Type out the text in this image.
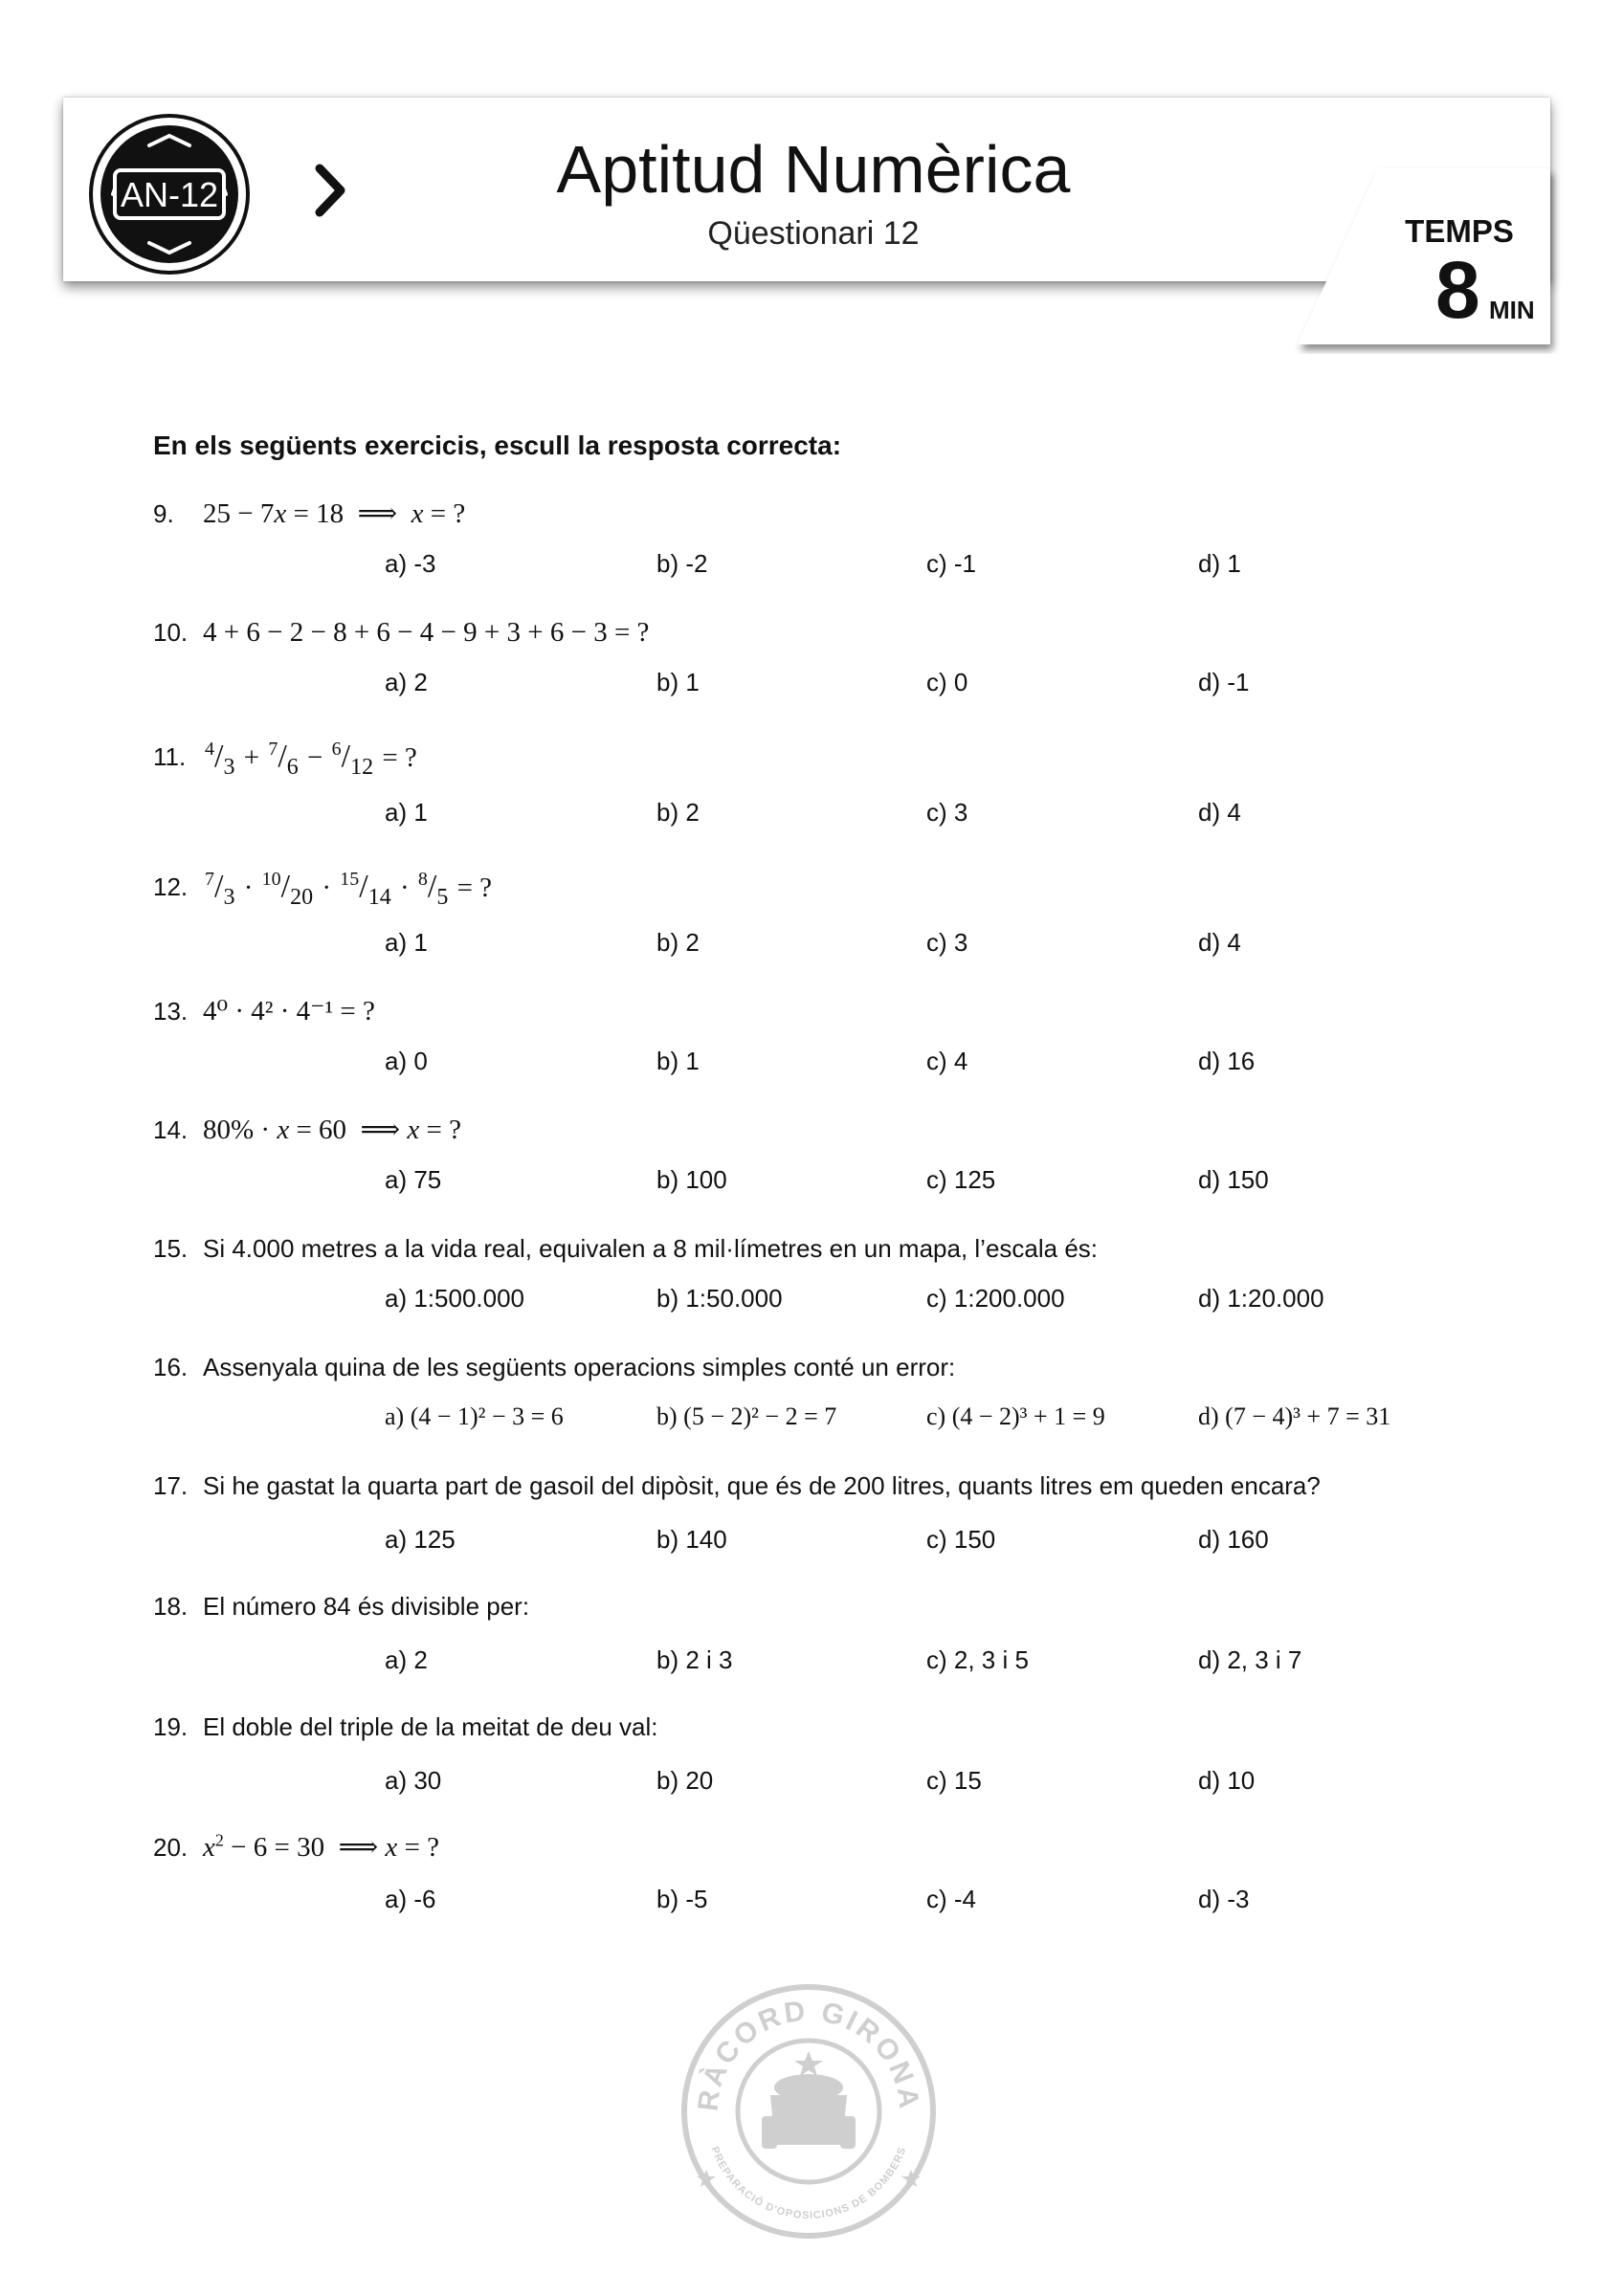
AN-12	Aptitud Numèrica
Qüestionari 12	TEMPS
8 MIN
En els següents exercicis, escull la resposta correcta:
9. 25 − 7x = 18  ⟹  x = ?
a) -3	b) -2	c) -1	d) 1
10. 4 + 6 − 2 − 8 + 6 − 4 − 9 + 3 + 6 − 3 = ?
a) 2	b) 1	c) 0	d) -1
11. $^4/_3 + ^7/_6 - ^6/_{12}$ = ?
a) 1	b) 2	c) 3	d) 4
12. $^7/_3 \cdot ^{10}/_{20} \cdot ^{15}/_{14} \cdot ^8/_5$ = ?
a) 1	b) 2	c) 3	d) 4
13. 4⁰ · 4² · 4⁻¹ = ?
a) 0	b) 1	c) 4	d) 16
14. 80% · x = 60  ⟹ x = ?
a) 75	b) 100	c) 125	d) 150
15. Si 4.000 metres a la vida real, equivalen a 8 mil·límetres en un mapa, l’escala és:
a) 1:500.000	b) 1:50.000	c) 1:200.000	d) 1:20.000
16. Assenyala quina de les següents operacions simples conté un error:
a) (4 − 1)² − 3 = 6	b) (5 − 2)² − 2 = 7	c) (4 − 2)³ + 1 = 9	d) (7 − 4)³ + 7 = 31
17. Si he gastat la quarta part de gasoil del dipòsit, que és de 200 litres, quants litres em queden encara?
a) 125	b) 140	c) 150	d) 160
18. El número 84 és divisible per:
a) 2	b) 2 i 3	c) 2, 3 i 5	d) 2, 3 i 7
19. El doble del triple de la meitat de deu val:
a) 30	b) 20	c) 15	d) 10
20. $x^2 - 6 = 30$  ⟹ x = ?
a) -6	b) -5	c) -4	d) -3
RÀCORD GIRONA
PREPARACIÓ D'OPOSICIONS DE BOMBERS
